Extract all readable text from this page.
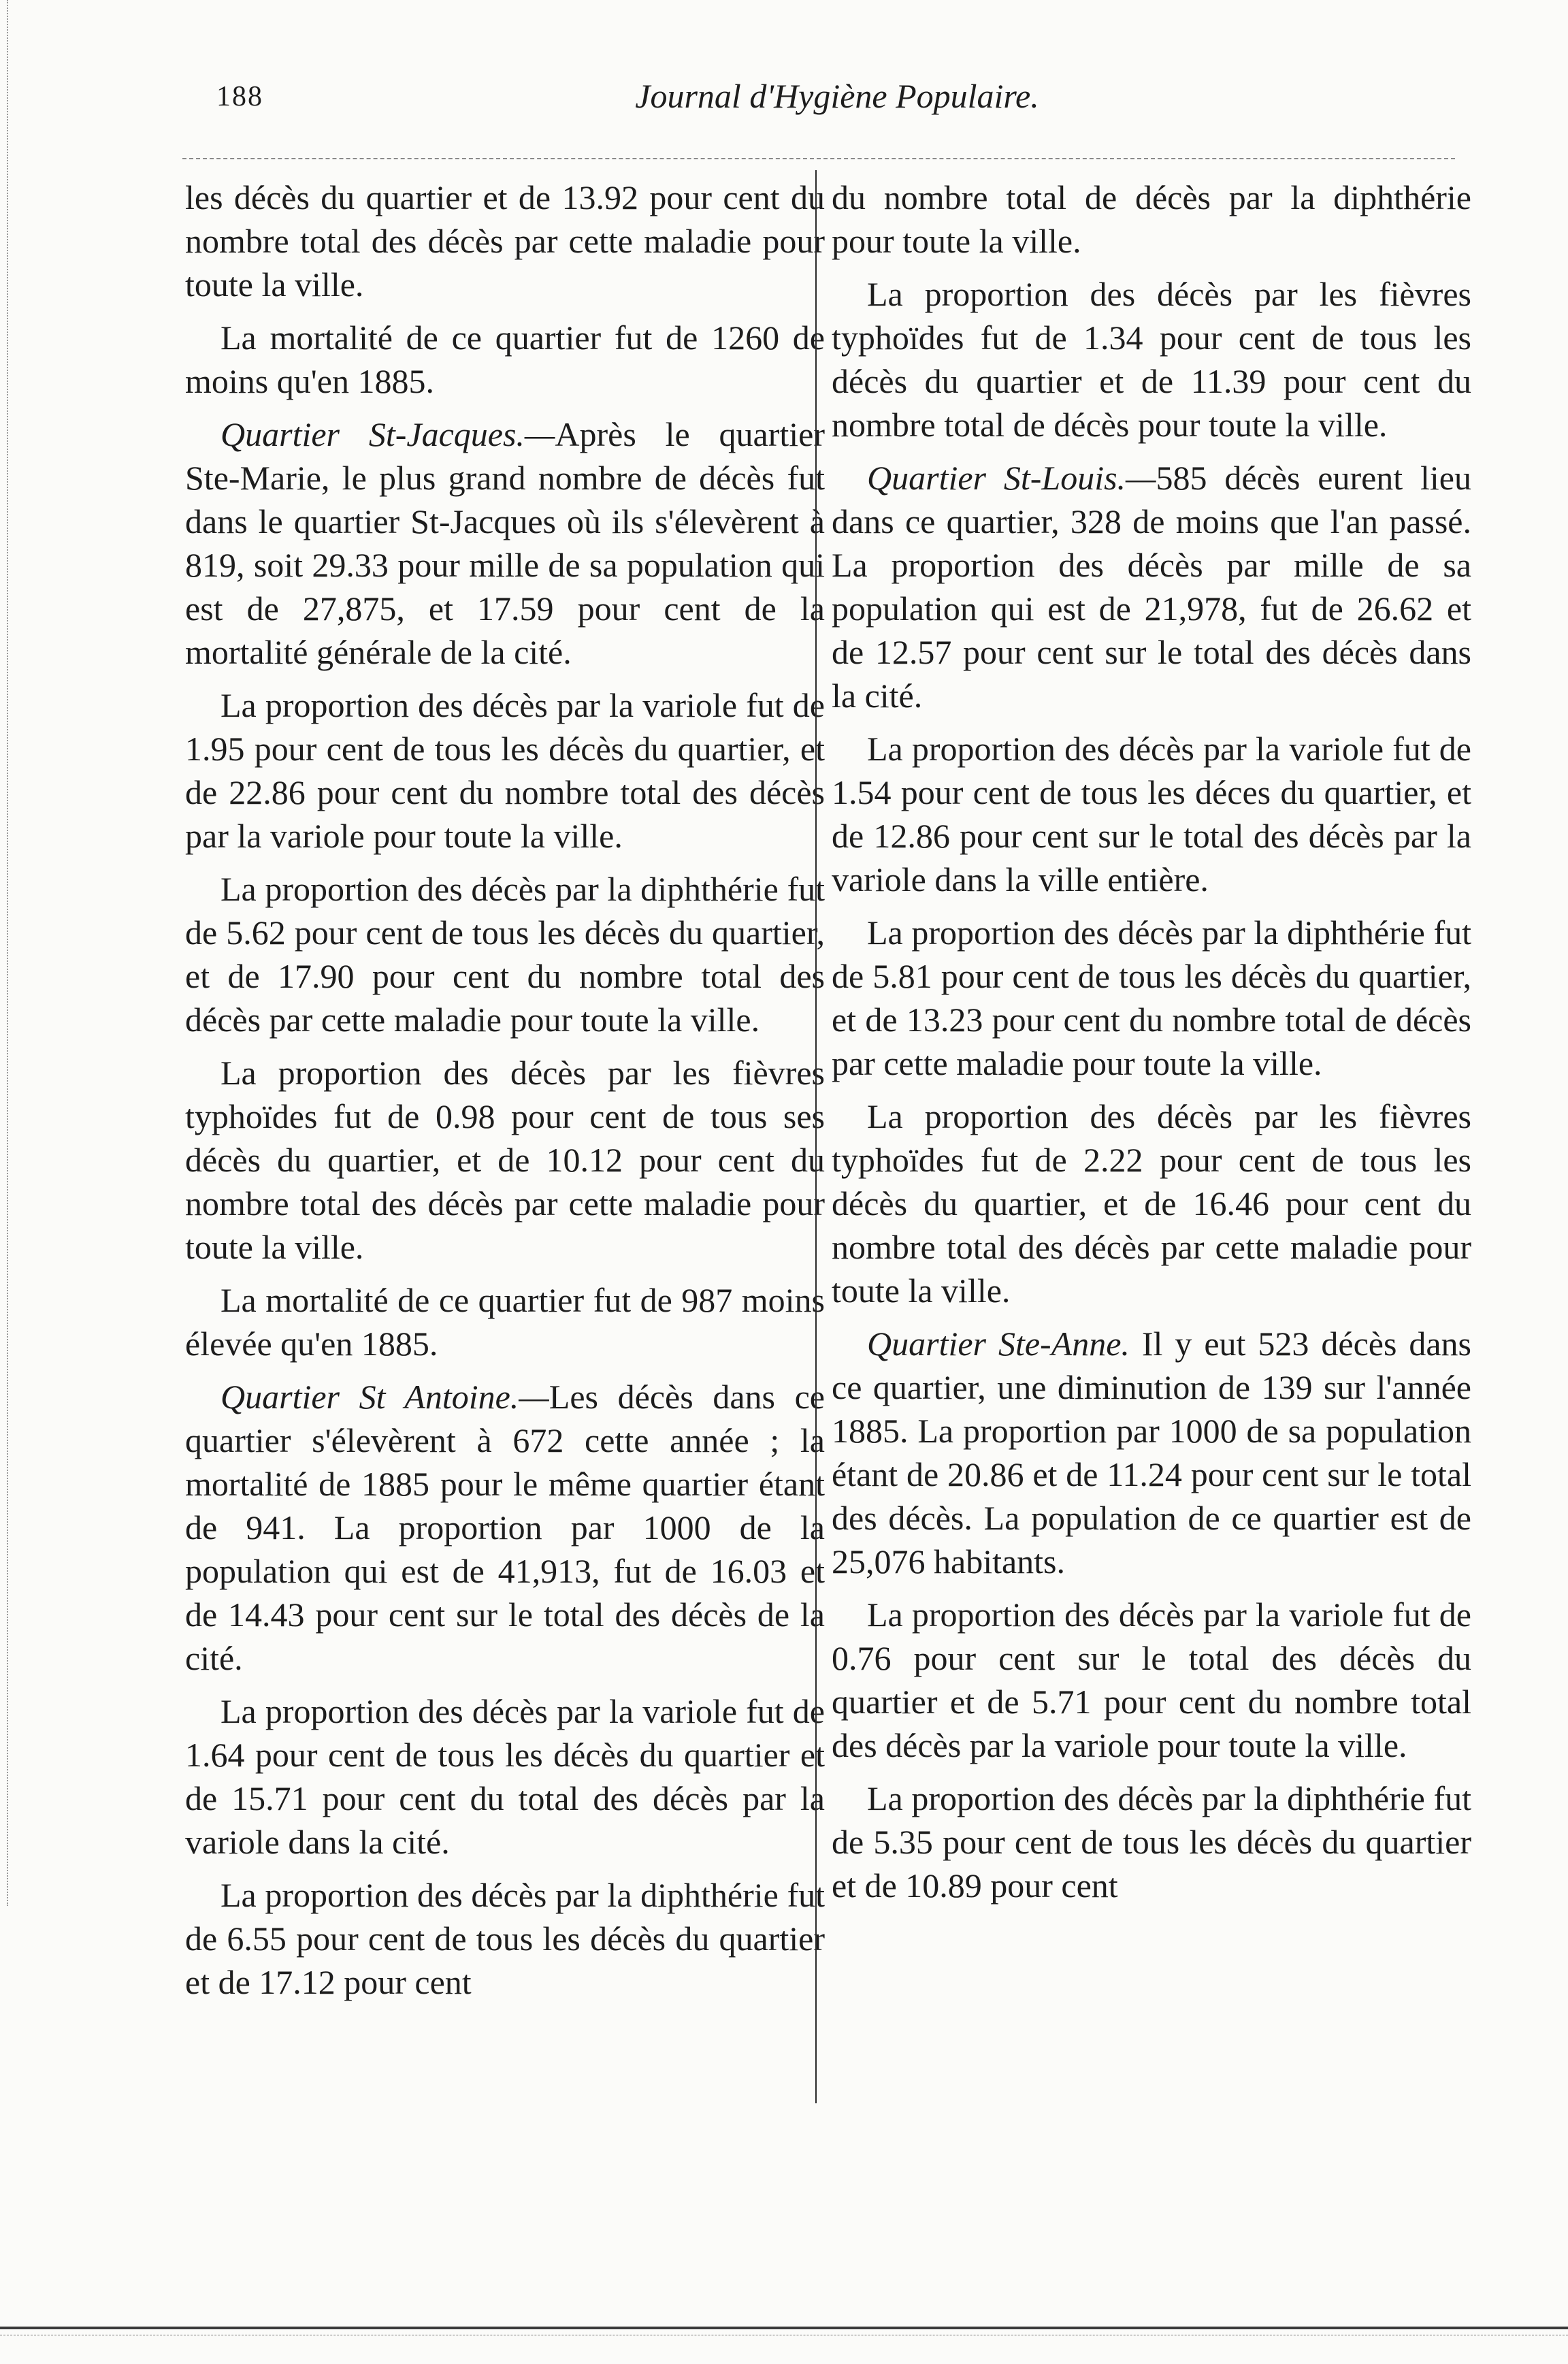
188	Journal d'Hygiène Populaire.

les décès du quartier et de 13.92 pour cent du nombre total des décès par cette maladie pour toute la ville.

La mortalité de ce quartier fut de 1260 de moins qu'en 1885.

Quartier St-Jacques.—Après le quartier Ste-Marie, le plus grand nombre de décès fut dans le quartier St-Jacques où ils s'élevèrent à 819, soit 29.33 pour mille de sa population qui est de 27,875, et 17.59 pour cent de la mortalité générale de la cité.

La proportion des décès par la variole fut de 1.95 pour cent de tous les décès du quartier, et de 22.86 pour cent du nombre total des décès par la variole pour toute la ville.

La proportion des décès par la diphthérie fut de 5.62 pour cent de tous les décès du quartier, et de 17.90 pour cent du nombre total des décès par cette maladie pour toute la ville.

La proportion des décès par les fièvres typhoïdes fut de 0.98 pour cent de tous ses décès du quartier, et de 10.12 pour cent du nombre total des décès par cette maladie pour toute la ville.

La mortalité de ce quartier fut de 987 moins élevée qu'en 1885.

Quartier St Antoine.—Les décès dans ce quartier s'élevèrent à 672 cette année ; la mortalité de 1885 pour le même quartier étant de 941. La proportion par 1000 de la population qui est de 41,913, fut de 16.03 et de 14.43 pour cent sur le total des décès de la cité.

La proportion des décès par la variole fut de 1.64 pour cent de tous les décès du quartier et de 15.71 pour cent du total des décès par la variole dans la cité.

La proportion des décès par la diphthérie fut de 6.55 pour cent de tous les décès du quartier et de 17.12 pour cent

du nombre total de décès par la diphthérie pour toute la ville.

La proportion des décès par les fièvres typhoïdes fut de 1.34 pour cent de tous les décès du quartier et de 11.39 pour cent du nombre total de décès pour toute la ville.

Quartier St-Louis.—585 décès eurent lieu dans ce quartier, 328 de moins que l'an passé. La proportion des décès par mille de sa population qui est de 21,978, fut de 26.62 et de 12.57 pour cent sur le total des décès dans la cité.

La proportion des décès par la variole fut de 1.54 pour cent de tous les déces du quartier, et de 12.86 pour cent sur le total des décès par la variole dans la ville entière.

La proportion des décès par la diphthérie fut de 5.81 pour cent de tous les décès du quartier, et de 13.23 pour cent du nombre total de décès par cette maladie pour toute la ville.

La proportion des décès par les fièvres typhoïdes fut de 2.22 pour cent de tous les décès du quartier, et de 16.46 pour cent du nombre total des décès par cette maladie pour toute la ville.

Quartier Ste-Anne. Il y eut 523 décès dans ce quartier, une diminution de 139 sur l'année 1885. La proportion par 1000 de sa population étant de 20.86 et de 11.24 pour cent sur le total des décès. La population de ce quartier est de 25,076 habitants.

La proportion des décès par la variole fut de 0.76 pour cent sur le total des décès du quartier et de 5.71 pour cent du nombre total des décès par la variole pour toute la ville.

La proportion des décès par la diphthérie fut de 5.35 pour cent de tous les décès du quartier et de 10.89 pour cent
